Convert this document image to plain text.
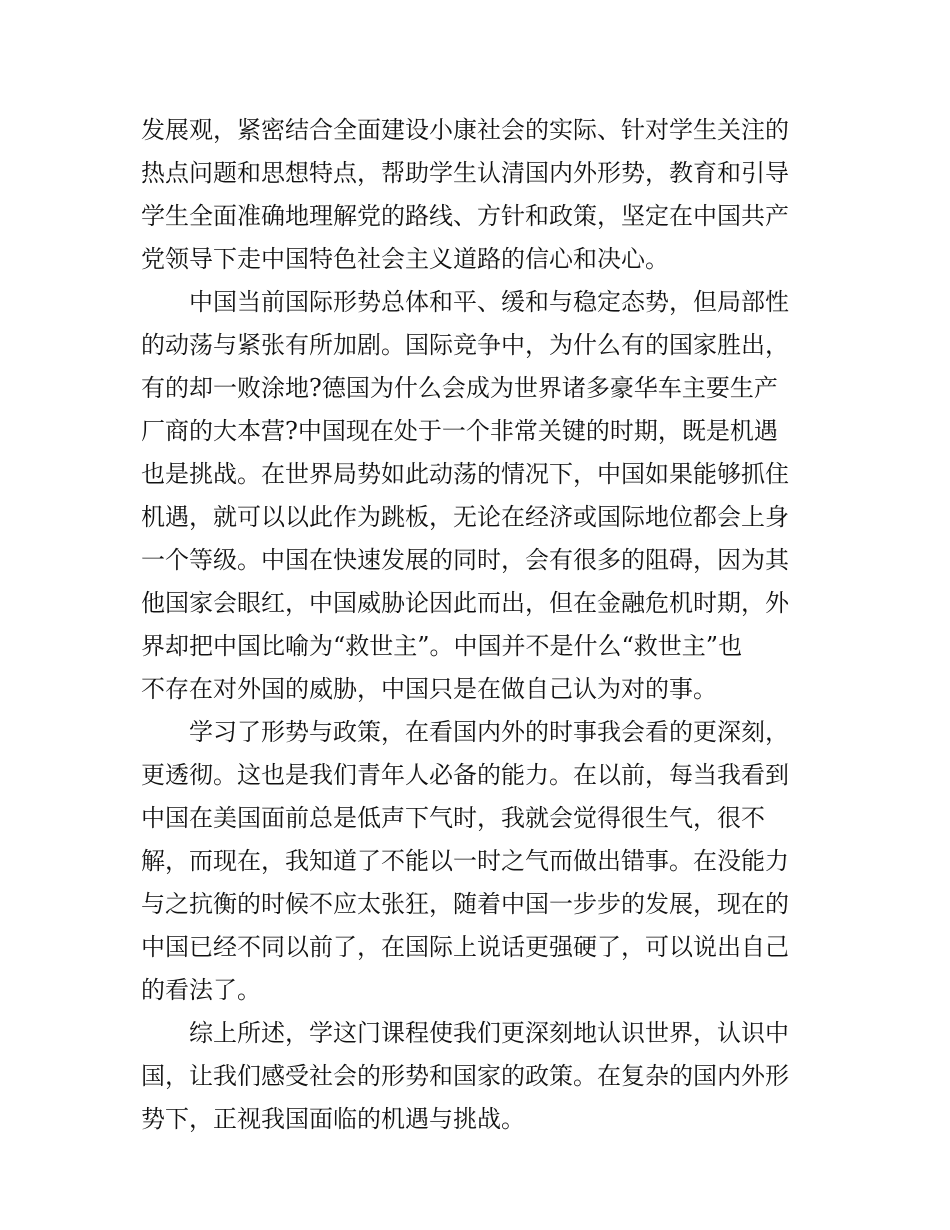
发展观，紧密结合全面建设小康社会的实际、针对学生关注的
热点问题和思想特点，帮助学生认清国内外形势，教育和引导
学生全面准确地理解党的路线、方针和政策，坚定在中国共产
党领导下走中国特色社会主义道路的信心和决心。
中国当前国际形势总体和平、缓和与稳定态势，但局部性
的动荡与紧张有所加剧。国际竞争中，为什么有的国家胜出，
有的却一败涂地?德国为什么会成为世界诸多豪华车主要生产
厂商的大本营?中国现在处于一个非常关键的时期，既是机遇
也是挑战。在世界局势如此动荡的情况下，中国如果能够抓住
机遇，就可以以此作为跳板，无论在经济或国际地位都会上身
一个等级。中国在快速发展的同时，会有很多的阻碍，因为其
他国家会眼红，中国威胁论因此而出，但在金融危机时期，外
界却把中国比喻为“救世主”。中国并不是什么“救世主”也
不存在对外国的威胁，中国只是在做自己认为对的事。
学习了形势与政策，在看国内外的时事我会看的更深刻，
更透彻。这也是我们青年人必备的能力。在以前，每当我看到
中国在美国面前总是低声下气时，我就会觉得很生气，很不
解，而现在，我知道了不能以一时之气而做出错事。在没能力
与之抗衡的时候不应太张狂，随着中国一步步的发展，现在的
中国已经不同以前了，在国际上说话更强硬了，可以说出自己
的看法了。
综上所述，学这门课程使我们更深刻地认识世界，认识中
国，让我们感受社会的形势和国家的政策。在复杂的国内外形
势下，正视我国面临的机遇与挑战。
